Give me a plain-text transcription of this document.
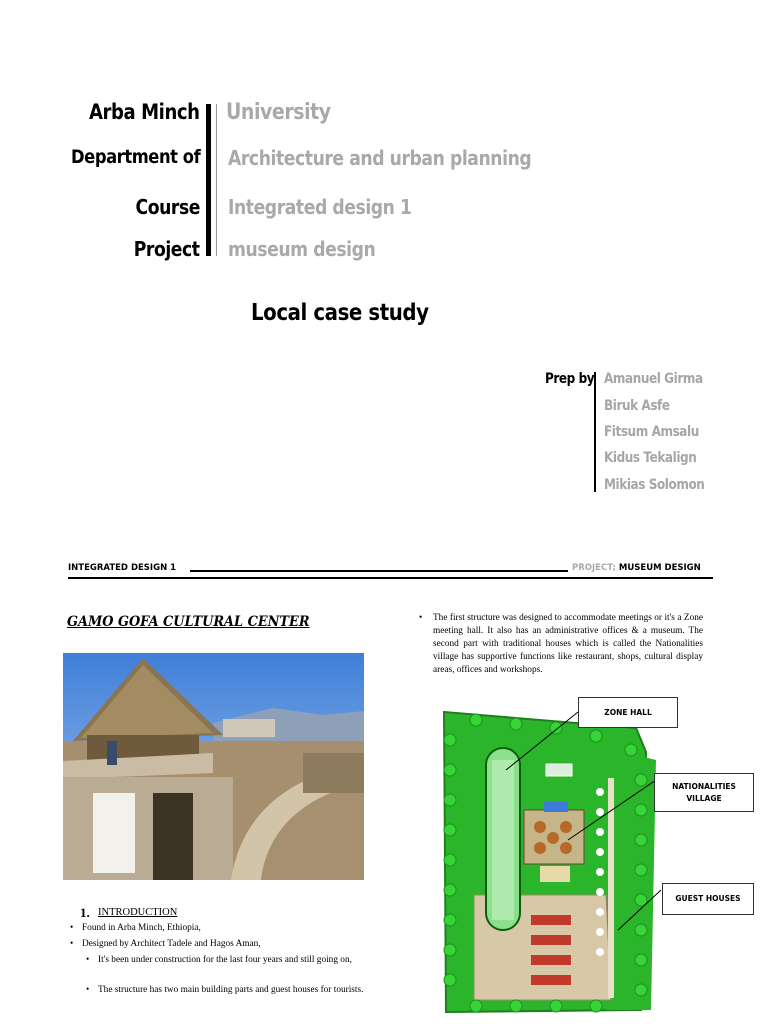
Arba Minch University
Department of Architecture and urban planning
Course Integrated design 1
Project museum design
Local case study
Prep by Amanuel Girma
Biruk Asfe
Fitsum Amsalu
Kidus Tekalign
Mikias Solomon
INTEGRATED DESIGN 1	PROJECT; MUSEUM DESIGN
GAMO GOFA CULTURAL CENTER
1. INTRODUCTION
• Found in Arba Minch, Ethiopia,
• Designed by Architect Tadele and Hagos Aman,
• It's been under construction for the last four years and still going on,
• The structure has two main building parts and guest houses for tourists.
The first structure was designed to accommodate meetings or it's a Zone meeting hall. It also has an administrative offices & a museum. The second part with traditional houses which is called the Nationalities village has supportive functions like restaurant, shops, cultural display areas, offices and workshops.
•
ZONE HALL
NATIONALITIES VILLAGE
GUEST HOUSES
